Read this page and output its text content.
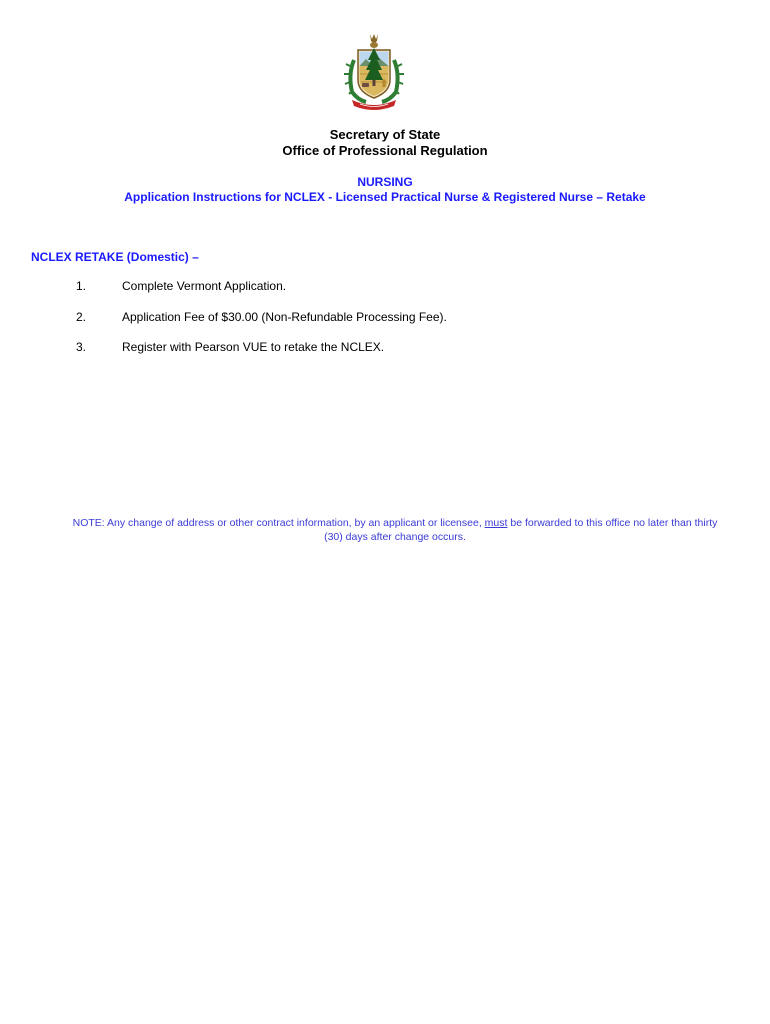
Secretary of State
Office of Professional Regulation
NURSING
Application Instructions for NCLEX - Licensed Practical Nurse & Registered Nurse – Retake
NCLEX RETAKE (Domestic) –
1.	Complete Vermont Application.
2.	Application Fee of $30.00 (Non-Refundable Processing Fee).
3.	Register with Pearson VUE to retake the NCLEX.
NOTE: Any change of address or other contract information, by an applicant or licensee, must be forwarded to this office no later than thirty (30) days after change occurs.
